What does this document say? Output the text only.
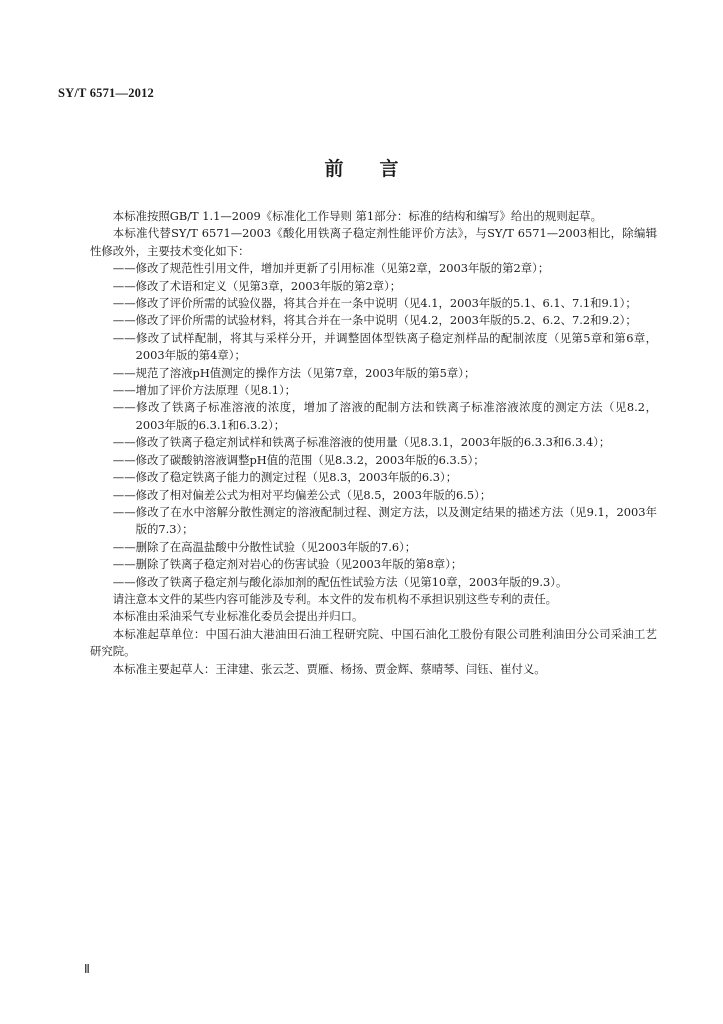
SY/T 6571—2012
前言

本标准按照GB/T 1.1—2009《标准化工作导则 第1部分：标准的结构和编写》给出的规则起草。

本标准代替SY/T 6571—2003《酸化用铁离子稳定剂性能评价方法》，与SY/T 6571—2003相比，除编辑性修改外，主要技术变化如下：

——修改了规范性引用文件，增加并更新了引用标准（见第2章，2003年版的第2章）；

——修改了术语和定义（见第3章，2003年版的第2章）；

——修改了评价所需的试验仪器，将其合并在一条中说明（见4.1，2003年版的5.1、6.1、7.1和9.1）；

——修改了评价所需的试验材料，将其合并在一条中说明（见4.2，2003年版的5.2、6.2、7.2和9.2）；

——修改了试样配制，将其与采样分开，并调整固体型铁离子稳定剂样品的配制浓度（见第5章和第6章，2003年版的第4章）；

——规范了溶液pH值测定的操作方法（见第7章，2003年版的第5章）；

——增加了评价方法原理（见8.1）；

——修改了铁离子标准溶液的浓度，增加了溶液的配制方法和铁离子标准溶液浓度的测定方法（见8.2，2003年版的6.3.1和6.3.2）；

——修改了铁离子稳定剂试样和铁离子标准溶液的使用量（见8.3.1，2003年版的6.3.3和6.3.4）；

——修改了碳酸钠溶液调整pH值的范围（见8.3.2，2003年版的6.3.5）；

——修改了稳定铁离子能力的测定过程（见8.3，2003年版的6.3）；

——修改了相对偏差公式为相对平均偏差公式（见8.5，2003年版的6.5）；

——修改了在水中溶解分散性测定的溶液配制过程、测定方法，以及测定结果的描述方法（见9.1，2003年版的7.3）；

——删除了在高温盐酸中分散性试验（见2003年版的7.6）；

——删除了铁离子稳定剂对岩心的伤害试验（见2003年版的第8章）；

——修改了铁离子稳定剂与酸化添加剂的配伍性试验方法（见第10章，2003年版的9.3）。

请注意本文件的某些内容可能涉及专利。本文件的发布机构不承担识别这些专利的责任。

本标准由采油采气专业标准化委员会提出并归口。

本标准起草单位：中国石油大港油田石油工程研究院、中国石油化工股份有限公司胜利油田分公司采油工艺研究院。

本标准主要起草人：王津建、张云芝、贾雁、杨扬、贾金辉、蔡晴琴、闫钰、崔付义。

Ⅱ
